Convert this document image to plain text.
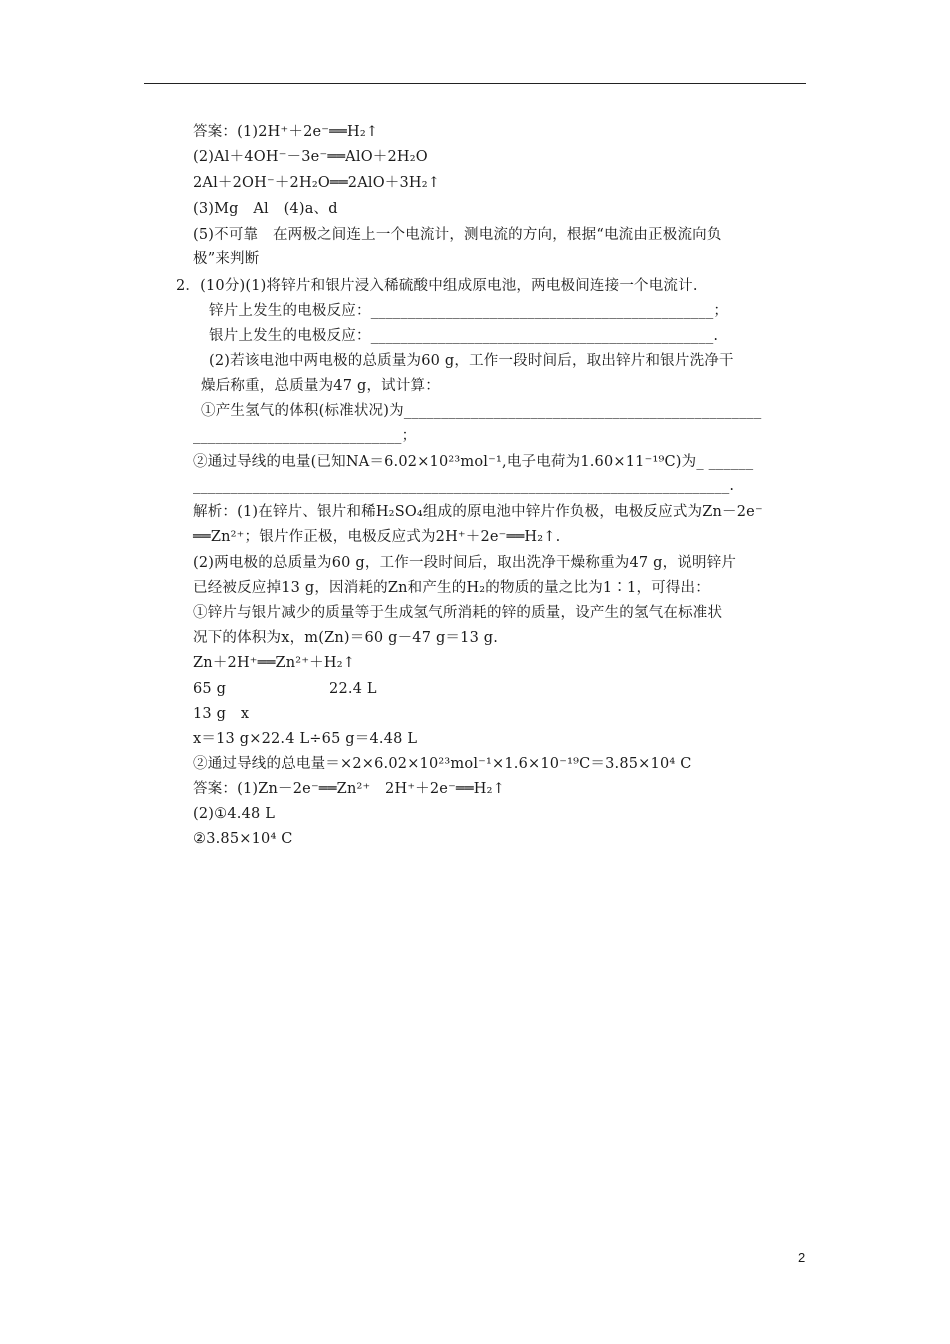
答案：(1)2H⁺＋2e⁻══H₂↑
(2)Al＋4OH⁻－3e⁻══AlO＋2H₂O
2Al＋2OH⁻＋2H₂O══2AlO＋3H₂↑
(3)Mg　Al　(4)a、d
(5)不可靠　在两极之间连上一个电流计，测电流的方向，根据“电流由正极流向负
极”来判断
2．(10分)(1)将锌片和银片浸入稀硫酸中组成原电池，两电极间连接一个电流计.
锌片上发生的电极反应：______________________________________________；
银片上发生的电极反应：______________________________________________.
(2)若该电池中两电极的总质量为60 g，工作一段时间后，取出锌片和银片洗净干
燥后称重，总质量为47 g，试计算：
①产生氢气的体积(标准状况)为________________________________________________
____________________________；
②通过导线的电量(已知NA＝6.02×10²³mol⁻¹,电子电荷为1.60×11⁻¹⁹C)为_ ______
________________________________________________________________________.
解析：(1)在锌片、银片和稀H₂SO₄组成的原电池中锌片作负极，电极反应式为Zn－2e⁻
══Zn²⁺；银片作正极，电极反应式为2H⁺＋2e⁻══H₂↑.
(2)两电极的总质量为60 g，工作一段时间后，取出洗净干燥称重为47 g，说明锌片
已经被反应掉13 g，因消耗的Zn和产生的H₂的物质的量之比为1∶1，可得出：
①锌片与银片减少的质量等于生成氢气所消耗的锌的质量，设产生的氢气在标准状
况下的体积为x，m(Zn)＝60 g－47 g＝13 g.
Zn＋2H⁺══Zn²⁺＋H₂↑
65 g　　　　　　　22.4 L
13 g　x
x＝13 g×22.4 L÷65 g＝4.48 L
②通过导线的总电量＝×2×6.02×10²³mol⁻¹×1.6×10⁻¹⁹C＝3.85×10⁴ C
答案：(1)Zn－2e⁻══Zn²⁺　2H⁺＋2e⁻══H₂↑
(2)①4.48 L
②3.85×10⁴ C
2
